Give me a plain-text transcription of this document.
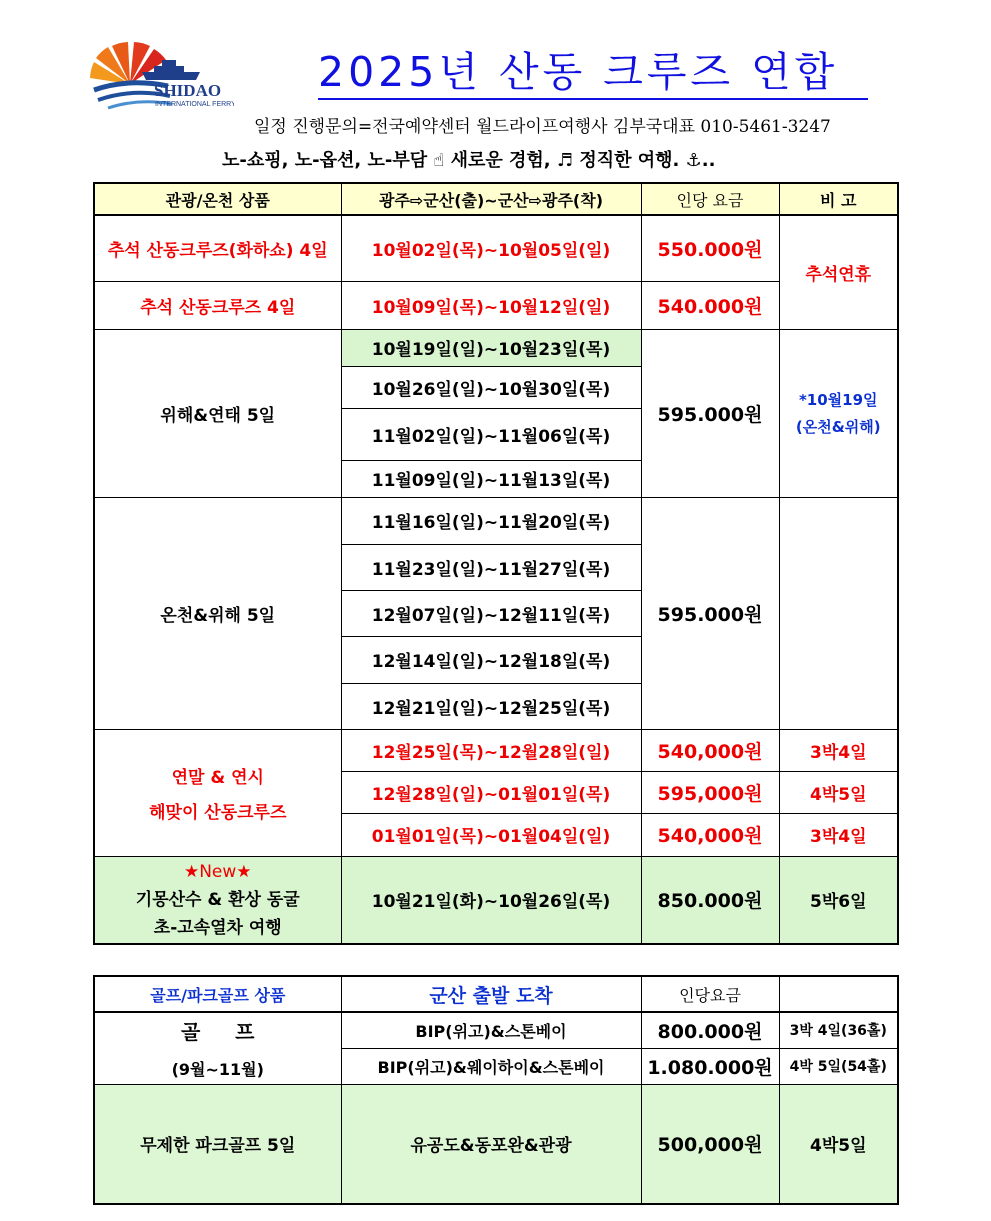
SHIDAO
INTERNATIONAL FERRY
2025년 산동 크루즈 연합
일정 진행문의=전국예약센터 월드라이프여행사 김부국대표 010-5461-3247
노-쇼핑, 노-옵션, 노-부담 ☝ 새로운 경험, ♬ 정직한 여행. ⚓..
관광/온천 상품	광주⇨군산(출)~군산⇨광주(착)	인당 요금	비 고
추석 산동크루즈(화하쇼) 4일	10월02일(목)~10월05일(일)	550.000원	추석연휴
추석 산동크루즈 4일	10월09일(목)~10월12일(일)	540.000원	
위해&연태 5일	10월19일(일)~10월23일(목)	595.000원	*10월19일
(온천&위해)

	10월26일(일)~10월30일(목)		
	11월02일(일)~11월06일(목)		
	11월09일(일)~11월13일(목)		
온천&위해 5일	11월16일(일)~11월20일(목)	595.000원	
	11월23일(일)~11월27일(목)		
	12월07일(일)~12월11일(목)		
	12월14일(일)~12월18일(목)		
	12월21일(일)~12월25일(목)		

연말 & 연시
해맞이 산동크루즈	12월25일(목)~12월28일(일)	540,000원	3박4일
	12월28일(일)~01월01일(목)	595,000원	4박5일
	01월01일(목)~01월04일(일)	540,000원	3박4일

★New★
기몽산수 & 환상 동굴
초-고속열차 여행	10월21일(화)~10월26일(목)	850.000원	5박6일
골프/파크골프 상품	군산 출발 도착	인당요금	

골     프
(9월~11월)	BIP(위고)&스톤베이	800.000원	3박 4일(36홀)
	BIP(위고)&웨이하이&스톤베이	1.080.000원	4박 5일(54홀)
무제한 파크골프 5일	유공도&동포완&관광	500,000원	4박5일
